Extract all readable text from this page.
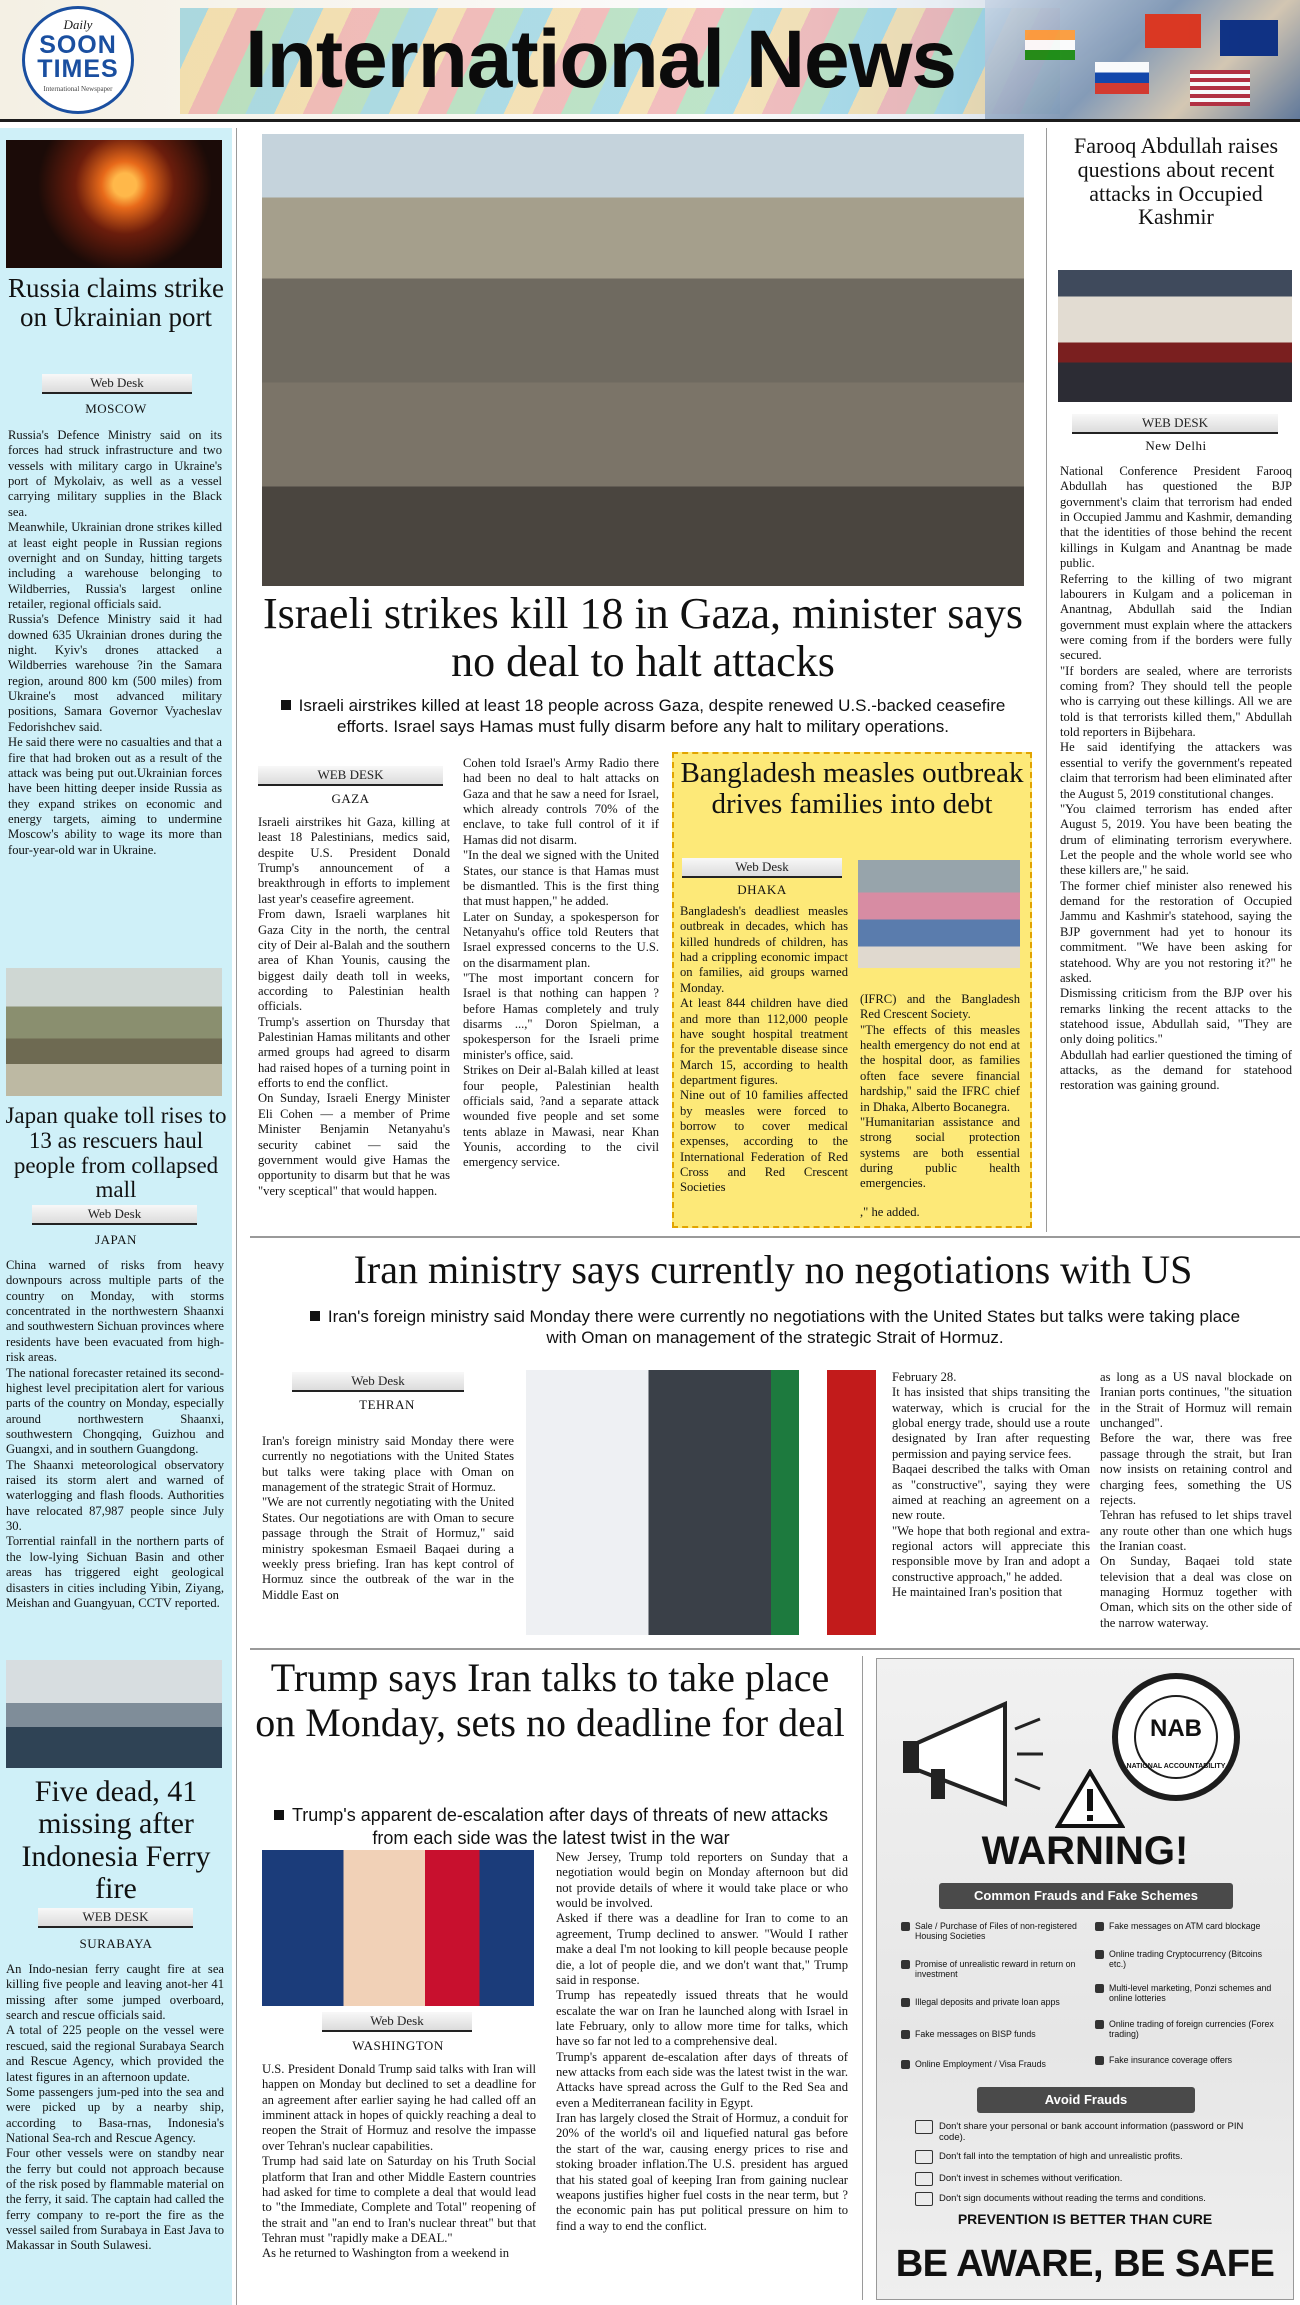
Daily
SOON TIMES
International Newspaper International News
Russia claims strike on Ukrainian port
Web Desk
MOSCOW

Russia's Defence Ministry said on its forces had struck infrastructure and two vessels with military cargo in Ukraine's port of Mykolaiv, as well as a vessel carrying military supplies in the Black sea.
Meanwhile, Ukrainian drone strikes killed at least eight people in Russian regions overnight and on Sunday, hitting targets including a warehouse belonging to Wildberries, Russia's largest online retailer, regional officials said.
Russia's Defence Ministry said it had downed 635 Ukrainian drones during the night. Kyiv's drones attacked a Wildberries warehouse ?in the Samara region, around 800 km (500 miles) from Ukraine's most advanced military positions, Samara Governor Vyacheslav Fedorishchev said.
He said there were no casualties and that a fire that had broken out as a result of the attack was being put out.Ukrainian forces have been hitting deeper inside Russia as they expand strikes on economic and energy targets, aiming to undermine Moscow's ability to wage its more than four-year-old war in Ukraine.

Japan quake toll rises to 13 as rescuers haul people from collapsed mall
Web Desk
JAPAN

China warned of risks from heavy downpours across multiple parts of the country on Monday, with storms concentrated in the northwestern Shaanxi and southwestern Sichuan provinces where residents have been evacuated from high-risk areas.
The national forecaster retained its second-highest level precipitation alert for various parts of the country on Monday, especially around northwestern Shaanxi, southwestern Chongqing, Guizhou and Guangxi, and in southern Guangdong.
The Shaanxi meteorological observatory raised its storm alert and warned of waterlogging and flash floods. Authorities have relocated 87,987 people since July 30.
Torrential rainfall in the northern parts of the low-lying Sichuan Basin and other areas has triggered eight geological disasters in cities including Yibin, Ziyang, Meishan and Guangyuan, CCTV reported.

Five dead, 41 missing after Indonesia Ferry fire
WEB DESK
SURABAYA

An Indo-nesian ferry caught fire at sea killing five people and leaving anot-her 41 missing after some jumped overboard, search and rescue officials said.
A total of 225 people on the vessel were rescued, said the regional Surabaya Search and Rescue Agency, which provided the latest figures in an afternoon update.
Some passengers jum-ped into the sea and were picked up by a nearby ship, according to Basa-rnas, Indonesia's National Sea-rch and Rescue Agency.
Four other vessels were on standby near the ferry but could not approach because of the risk posed by flammable material on the ferry, it said. The captain had called the ferry company to re-port the fire as the vessel sailed from Surabaya in East Java to Makassar in South Sulawesi.

Israeli strikes kill 18 in Gaza, minister says no deal to halt attacks
Israeli airstrikes killed at least 18 people across Gaza, despite renewed U.S.-backed ceasefire efforts. Israel says Hamas must fully disarm before any halt to military operations.
WEB DESK
GAZA

Israeli airstrikes hit Gaza, killing at least 18 Palestinians, medics said, despite U.S. President Donald Trump's announcement of a breakthrough in efforts to implement last year's ceasefire agreement.
From dawn, Israeli warplanes hit Gaza City in the north, the central city of Deir al-Balah and the southern area of Khan Younis, causing the biggest daily death toll in weeks, according to Palestinian health officials.
Trump's assertion on Thursday that Palestinian Hamas militants and other armed groups had agreed to disarm had raised hopes of a turning point in efforts to end the conflict.
On Sunday, Israeli Energy Minister Eli Cohen — a member of Prime Minister Benjamin Netanyahu's security cabinet — said the government would give Hamas the opportunity to disarm but that he was "very sceptical" that would happen.

Cohen told Israel's Army Radio there had been no deal to halt attacks on Gaza and that he saw a need for Israel, which already controls 70% of the enclave, to take full control of it if Hamas did not disarm.
"In the deal we signed with the United States, our stance is that Hamas must be dismantled. This is the first thing that must happen," he added.
Later on Sunday, a spokesperson for Netanyahu's office told Reuters that Israel expressed concerns to the U.S. on the disarmament plan.
"The most important concern for Israel is that nothing can happen ?before Hamas completely and truly disarms ...," Doron Spielman, a spokesperson for the Israeli prime minister's office, said.
Strikes on Deir al-Balah killed at least four people, Palestinian health officials said, ?and a separate attack wounded five people and set some tents ablaze in Mawasi, near Khan Younis, according to the civil emergency service.

Bangladesh measles outbreak drives families into debt
Web Desk
DHAKA

Bangladesh's deadliest measles outbreak in decades, which has killed hundreds of children, has had a crippling economic impact on families, aid groups warned Monday.
At least 844 children have died and more than 112,000 people have sought hospital treatment for the preventable disease since March 15, according to health department figures.
Nine out of 10 families affected by measles were forced to borrow to cover medical expenses, according to the International Federation of Red Cross and Red Crescent Societies

(IFRC) and the Bangladesh Red Crescent Society.
"The effects of this measles health emergency do not end at the hospital door, as families often face severe financial hardship," said the IFRC chief in Dhaka, Alberto Bocanegra.
"Humanitarian assistance and strong social protection systems are both essential during public health emergencies.

," he added.

Farooq Abdullah raises questions about recent attacks in Occupied Kashmir
WEB DESK
New Delhi

National Conference President Farooq Abdullah has questioned the BJP government's claim that terrorism had ended in Occupied Jammu and Kashmir, demanding that the identities of those behind the recent killings in Kulgam and Anantnag be made public.
Referring to the killing of two migrant labourers in Kulgam and a policeman in Anantnag, Abdullah said the Indian government must explain where the attackers were coming from if the borders were fully secured.
"If borders are sealed, where are terrorists coming from? They should tell the people who is carrying out these killings. All we are told is that terrorists killed them," Abdullah told reporters in Bijbehara.
He said identifying the attackers was essential to verify the government's repeated claim that terrorism had been eliminated after the August 5, 2019 constitutional changes.
"You claimed terrorism has ended after August 5, 2019. You have been beating the drum of eliminating terrorism everywhere. Let the people and the whole world see who these killers are," he said.
The former chief minister also renewed his demand for the restoration of Occupied Jammu and Kashmir's statehood, saying the BJP government had yet to honour its commitment. "We have been asking for statehood. Why are you not restoring it?" he asked.
Dismissing criticism from the BJP over his remarks linking the recent attacks to the statehood issue, Abdullah said, "They are only doing politics."
Abdullah had earlier questioned the timing of attacks, as the demand for statehood restoration was gaining ground.

Iran ministry says currently no negotiations with US
Iran's foreign ministry said Monday there were currently no negotiations with the United States but talks were taking place with Oman on management of the strategic Strait of Hormuz.
Web Desk
TEHRAN

Iran's foreign ministry said Monday there were currently no negotiations with the United States but talks were taking place with Oman on management of the strategic Strait of Hormuz.
"We are not currently negotiating with the United States. Our negotiations are with Oman to secure passage through the Strait of Hormuz," said ministry spokesman Esmaeil Baqaei during a weekly press briefing. Iran has kept control of Hormuz since the outbreak of the war in the Middle East on

February 28.
It has insisted that ships transiting the waterway, which is crucial for the global energy trade, should use a route designated by Iran after requesting permission and paying service fees.
Baqaei described the talks with Oman as "constructive", saying they were aimed at reaching an agreement on a new route.
"We hope that both regional and extra-regional actors will appreciate this responsible move by Iran and adopt a constructive approach," he added.
He maintained Iran's position that

as long as a US naval blockade on Iranian ports continues, "the situation in the Strait of Hormuz will remain unchanged".
Before the war, there was free passage through the strait, but Iran now insists on retaining control and charging fees, something the US rejects.
Tehran has refused to let ships travel any route other than one which hugs the Iranian coast.
On Sunday, Baqaei told state television that a deal was close on managing Hormuz together with Oman, which sits on the other side of the narrow waterway.

Trump says Iran talks to take place on Monday, sets no deadline for deal
Trump's apparent de-escalation after days of threats of new attacks from each side was the latest twist in the war
Web Desk
WASHINGTON

U.S. President Donald Trump said talks with Iran will happen on Monday but declined to set a deadline for an agreement after earlier saying he had called off an imminent attack in hopes of quickly reaching a deal to reopen the Strait of Hormuz and resolve the impasse over Tehran's nuclear capabilities.
Trump had said late on Saturday on his Truth Social platform that Iran and other Middle Eastern countries had asked for time to complete a deal that would lead to "the Immediate, Complete and Total" reopening of the strait and "an end to Iran's nuclear threat" but that Tehran must "rapidly make a DEAL."
As he returned to Washington from a weekend in

New Jersey, Trump told reporters on Sunday that a negotiation would begin on Monday afternoon but did not provide details of where it would take place or who would be involved.
Asked if there was a deadline for Iran to come to an agreement, Trump declined to answer. "Would I rather make a deal I'm not looking to kill people because people die, a lot of people die, and we don't want that," Trump said in response.
Trump has repeatedly issued threats that he would escalate the war on Iran he launched along with Israel in late February, only to allow more time for talks, which have so far not led to a comprehensive deal.
Trump's apparent de-escalation after days of threats of new attacks from each side was the latest twist in the war. Attacks have spread across the Gulf to the Red Sea and even a Mediterranean facility in Egypt.
Iran has largely closed the Strait of Hormuz, a conduit for 20% of the world's oil and liquefied natural gas before the start of the war, causing energy prices to rise and stoking broader inflation.The U.S. president has argued that his stated goal of keeping Iran from gaining nuclear weapons justifies higher fuel costs in the near term, but ?the economic pain has put political pressure on him to find a way to end the conflict.

NAB
NATIONAL ACCOUNTABILITY
WARNING!
Common Frauds and Fake Schemes
Sale / Purchase of Files of non-registered Housing Societies
Promise of unrealistic reward in return on investment
Illegal deposits and private loan apps
Fake messages on BISP funds
Online Employment / Visa Frauds
Fake messages on ATM card blockage
Online trading Cryptocurrency (Bitcoins etc.)
Multi-level marketing, Ponzi schemes and online lotteries
Online trading of foreign currencies (Forex trading)
Fake insurance coverage offers
Avoid Frauds
Don't share your personal or bank account information (password or PIN code).
Don't fall into the temptation of high and unrealistic profits.
Don't invest in schemes without verification.
Don't sign documents without reading the terms and conditions.
PREVENTION IS BETTER THAN CURE
BE AWARE, BE SAFE
